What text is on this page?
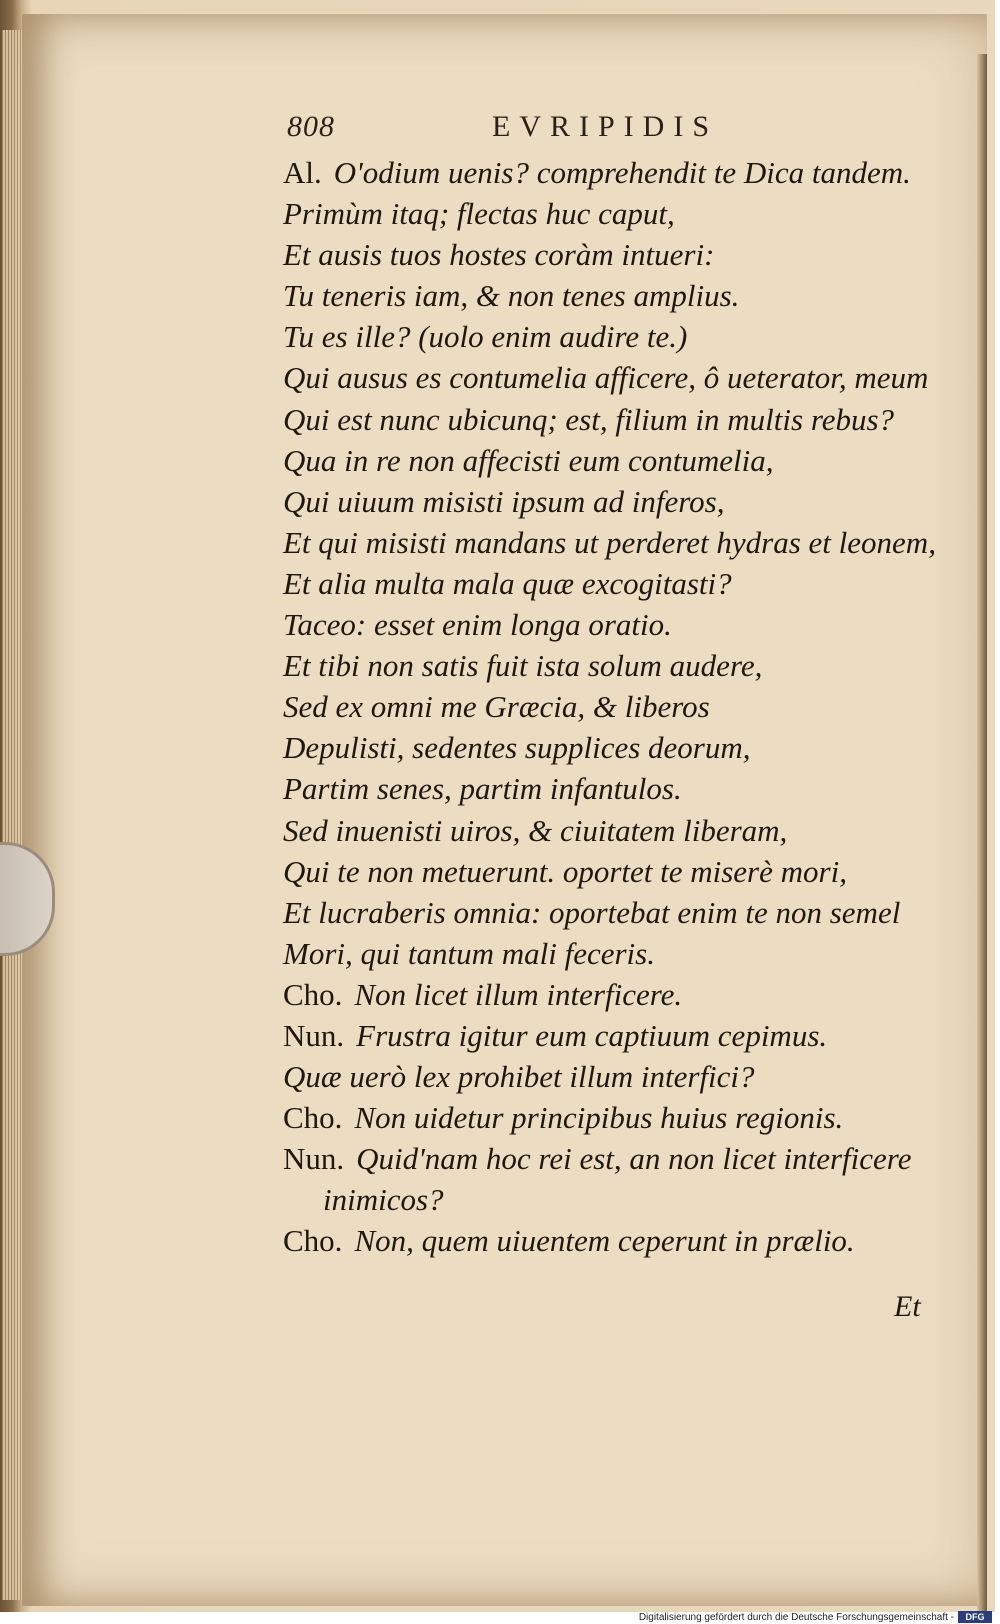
808	EVRIPIDIS
Al. O'odium uenis? comprehendit te Dica tandem.
Primùm itaq; flectas huc caput,
Et ausis tuos hostes coràm intueri:
Tu teneris iam, & non tenes amplius.
Tu es ille? (uolo enim audire te.)
Qui ausus es contumelia afficere, ô ueterator, meum
Qui est nunc ubicunq; est, filium in multis rebus?
Qua in re non affecisti eum contumelia,
Qui uiuum misisti ipsum ad inferos,
Et qui misisti mandans ut perderet hydras et leonem,
Et alia multa mala quæ excogitasti?
Taceo: esset enim longa oratio.
Et tibi non satis fuit ista solum audere,
Sed ex omni me Græcia, & liberos
Depulisti, sedentes supplices deorum,
Partim senes, partim infantulos.
Sed inuenisti uiros, & ciuitatem liberam,
Qui te non metuerunt. oportet te miserè mori,
Et lucraberis omnia: oportebat enim te non semel
Mori, qui tantum mali feceris.
Cho. Non licet illum interficere.
Nun. Frustra igitur eum captiuum cepimus.
Quæ uerò lex prohibet illum interfici?
Cho. Non uidetur principibus huius regionis.
Nun. Quid'nam hoc rei est, an non licet interficere
inimicos?
Cho. Non, quem uiuentem ceperunt in prælio.
Et
Digitalisierung gefördert durch die Deutsche Forschungsgemeinschaft -	DFG
